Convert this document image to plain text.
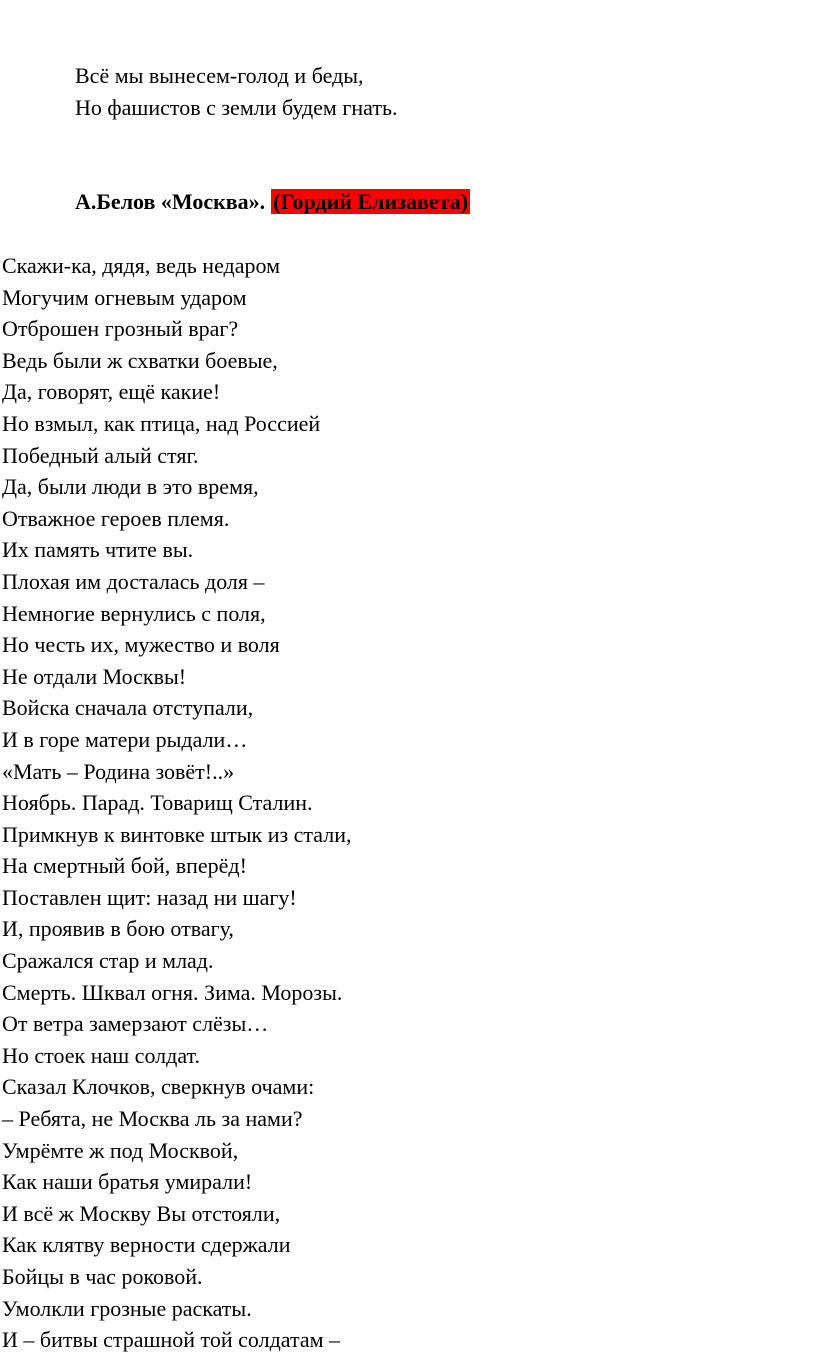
Всё мы вынесем-голод и беды,
Но фашистов с земли будем гнать.
А.Белов «Москва». (Гордий Елизавета)
Скажи-ка, дядя, ведь недаром
Могучим огневым ударом
Отброшен грозный враг?
Ведь были ж схватки боевые,
Да, говорят, ещё какие!
Но взмыл, как птица, над Россией
Победный алый стяг.
Да, были люди в это время,
Отважное героев племя.
Их память чтите вы.
Плохая им досталась доля –
Немногие вернулись с поля,
Но честь их, мужество и воля
Не отдали Москвы!
Войска сначала отступали,
И в горе матери рыдали…
«Мать – Родина зовёт!..»
Ноябрь. Парад. Товарищ Сталин.
Примкнув к винтовке штык из стали,
На смертный бой, вперёд!
Поставлен щит: назад ни шагу!
И, проявив в бою отвагу,
Сражался стар и млад.
Смерть. Шквал огня. Зима. Морозы.
От ветра замерзают слёзы…
Но стоек наш солдат.
Сказал Клочков, сверкнув очами:
– Ребята, не Москва ль за нами?
Умрёмте ж под Москвой,
Как наши братья умирали!
И всё ж Москву Вы отстояли,
Как клятву верности сдержали
Бойцы в час роковой.
Умолкли грозные раскаты.
И – битвы страшной той солдатам –
